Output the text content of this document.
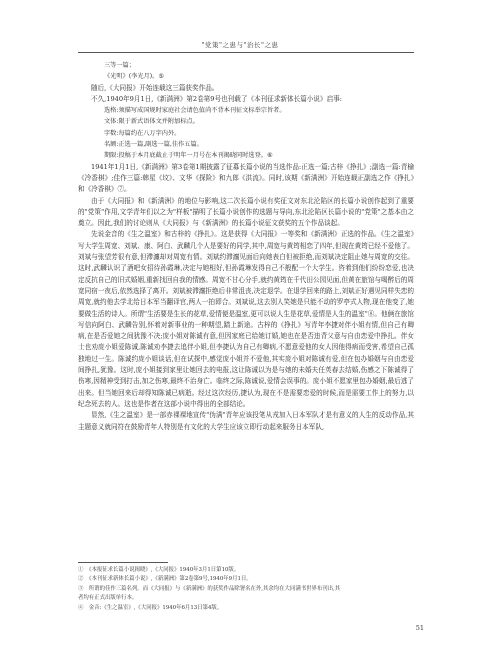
"党策"之患与"治长"之患

三等一篇；

《光明》(李光月)。⑤

随后,《大同报》开始连载这三篇获奖作品。

不久,1940年9月1日,《新满洲》第2卷第9号也刊载了《本刊征求新体长篇小说》启事:

选格:须描写成国规时家庭社会请色值尚不背本刊征文标举宗旨者。

文体:限于新式语体文并附加标点。

字数:每篇约在八万字内外。

名额:正选一篇,副选一篇,佳作五篇。

期限:投稿于本月底截止于明年一月号在本刊揭晓同时选登。⑥

1941年1月1日,《新满洲》第3卷第1期披露了征募长篇小说的当选作品:正选一篇;古梓《挣扎》;副选一篇:青榆《冷香棋》;佳作三篇:韩星《坟》、文华《探险》和九郎《洪流》。同时,该期《新满洲》开始连载正副选之作《挣扎》和《冷香棋》⑦。

由于《大同报》和《新满洲》的地位与影响,这二次长篇小说有奖征文对东北沦陷区的长篇小说创作起到了重要的"党策"作用,文学青年们以之为"样板"描明了长篇小说创作的选题与导向,东北沦陷区长篇小说的"党策"之基本由之奠立。因此,我们的讨论则从《大同报》与《新满洲》的长篇小说征文获奖的五个作品谈起。

先说金音的《生之温室》和古梓的《挣扎》。这是获得《大同报》一等奖和《新满洲》正选的作品。《生之温室》写大学生周宽、刘斌、康、阿白、武麟几个人是要好的同学,其中,周宽与黄筠相恋了四年,但现在黄筠已经不爱他了。刘斌与张望芳很有意,但滞瀍却对周宽有情。刘斌约滞瀍见面后向她表白但被拒绝,而刘斌决定阻止她与周宽的交往。这时,武麟认识了酒吧女招待孙霞琳,决定与她相好,但孙霞琳发得自己不般配一个大学生。咨着到他们纷纷恋爱,也决定反抗自己的旧式婚姻,重新找回自我的情感。周宽不甘心分手,就约黄筠在千代田公园见面,但黄在旅馆与喝醉后的周宽同宿一夜后,依然选择了离开。刘斌被滞瀍拒绝后非常沮丧,决定退学。在退学回来的路上,刘斌正好遇见同样失恋的周宽,就约他去学北给日本军当翻译官,两人一拍即合。刘斌说,这去别人笑她是只能不动的罗亭式人物,现在他变了,她要做生活的诗人。所谓"生活要是生长的花草,爱情便是温室,更可以说人生是花草,爱情是人生的温室"⑧。他俩在旅馆写信向阿白、武麟告别,怀着对新事业的一种期望,踏上新途。古梓的《挣扎》写青年李捷对伴小姐有情,但自己有卿病,在是否爱她之间犹豫不决;庞小姐对陈诚有意,但因家庭已给她订婚,她也在是否违背父意与自由恋爱中挣扎。伴女士也劝庞小姐爱陈诚,陈诚劝李捷去追伴小姐,但李捷认为自己有卿病,不愿意爱他的女人因他得病而受害,希望自己孤独地过一生。陈诚约庞小姐谈话,但在试探中,感觉庞小姐并不爱他,其实庞小姐对陈诚有爱,但在包办婚姻与自由恋爱间挣扎,犹豫。这时,庞小姐接到家里让她回去的电报,这让陈诚以为是与她的未婚夫任英春去结婚,伤感之下陈诚得了伤寒,因精神受到打击,加之伤寒,最终不治身亡。临终之际,陈诚说,爱情会误事的。庞小姐不愿家里包办婚姻,最后逃了出来。但当她回来后却得知陈诚已病逝。经过这次经历,捷认为,现在不是需要恋爱的时候,而是需要工作上的努力,以纪念死去的人。这也是作者在这部小说中得出的全部结论。

显然,《生之温室》是一部赤裸裸地宣传"伪满"青年应该投笔从戎加入日本军队才是有意义的人生的反动作品,其主题意义就同符在鼓励青年人特别是有文化的大学生应该立即行动起来服务日本军队,

①　《本报征求长篇小说揭晓》,《大同报》1940年3月1日第10版。

②　《本刊征求新体长篇小说》,《新满洲》第2卷第9号,1940年9月1日。

③　所谓的佳作三篇名列。而《大同报》与《新满洲》的获奖作品除署名在外,其余均在大同满书世界布刊出,其

者均有正式出版单行本。

④　金音:《生之温室》,《大同报》1940年6月13日第4版。

51
